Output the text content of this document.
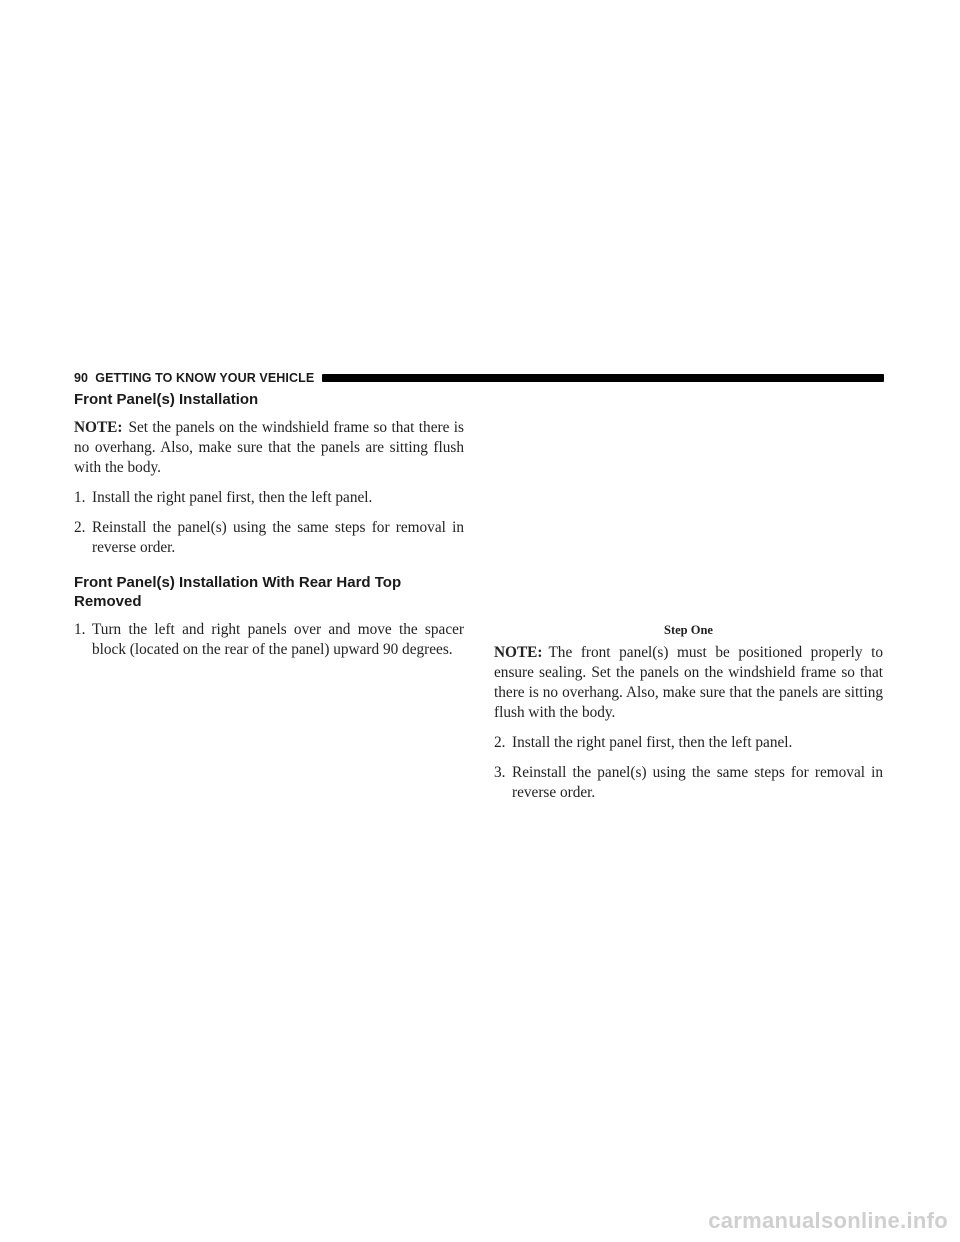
90 GETTING TO KNOW YOUR VEHICLE
Front Panel(s) Installation

NOTE: Set the panels on the windshield frame so that there is no overhang. Also, make sure that the panels are sitting flush with the body.

1. Install the right panel first, then the left panel.
2. Reinstall the panel(s) using the same steps for removal in reverse order.
Front Panel(s) Installation With Rear Hard Top Removed
1. Turn the left and right panels over and move the spacer block (located on the rear of the panel) upward 90 degrees.
Step One

NOTE: The front panel(s) must be positioned properly to ensure sealing. Set the panels on the windshield frame so that there is no overhang. Also, make sure that the panels are sitting flush with the body.

2. Install the right panel first, then the left panel.
3. Reinstall the panel(s) using the same steps for removal in reverse order.
carmanualsonline.info
